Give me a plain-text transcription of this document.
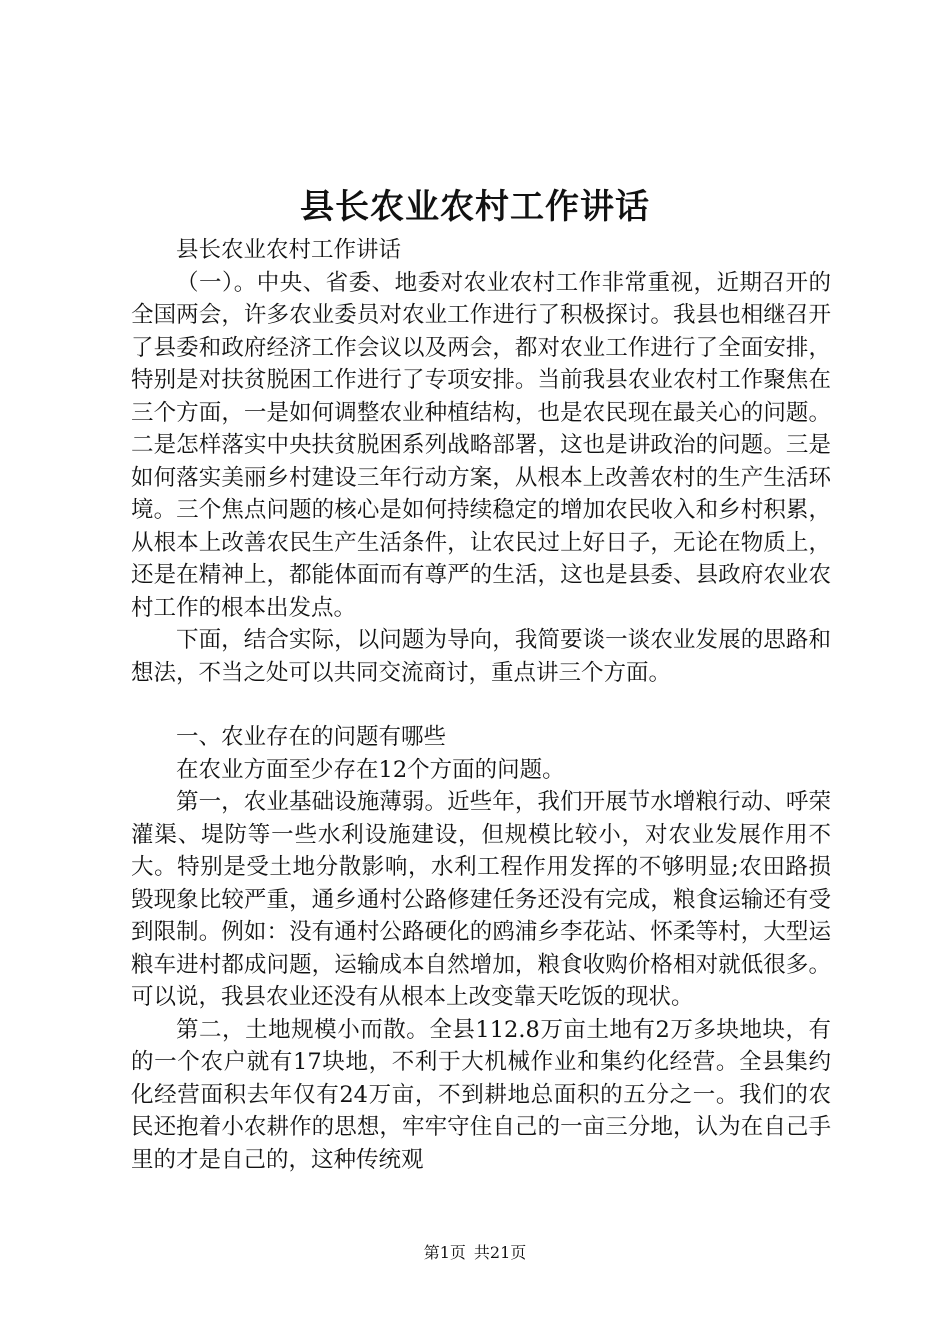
县长农业农村工作讲话

县长农业农村工作讲话

（一）。中央、省委、地委对农业农村工作非常重视，近期召开的全国两会，许多农业委员对农业工作进行了积极探讨。我县也相继召开了县委和政府经济工作会议以及两会，都对农业工作进行了全面安排，特别是对扶贫脱困工作进行了专项安排。当前我县农业农村工作聚焦在三个方面，一是如何调整农业种植结构，也是农民现在最关心的问题。二是怎样落实中央扶贫脱困系列战略部署，这也是讲政治的问题。三是如何落实美丽乡村建设三年行动方案，从根本上改善农村的生产生活环境。三个焦点问题的核心是如何持续稳定的增加农民收入和乡村积累，从根本上改善农民生产生活条件，让农民过上好日子，无论在物质上，还是在精神上，都能体面而有尊严的生活，这也是县委、县政府农业农村工作的根本出发点。

下面，结合实际，以问题为导向，我简要谈一谈农业发展的思路和想法，不当之处可以共同交流商讨，重点讲三个方面。

一、农业存在的问题有哪些

在农业方面至少存在12个方面的问题。

第一，农业基础设施薄弱。近些年，我们开展节水增粮行动、呼荣灌渠、堤防等一些水利设施建设，但规模比较小，对农业发展作用不大。特别是受土地分散影响，水利工程作用发挥的不够明显;农田路损毁现象比较严重，通乡通村公路修建任务还没有完成，粮食运输还有受到限制。例如：没有通村公路硬化的鸥浦乡李花站、怀柔等村，大型运粮车进村都成问题，运输成本自然增加，粮食收购价格相对就低很多。可以说，我县农业还没有从根本上改变靠天吃饭的现状。

第二，土地规模小而散。全县112.8万亩土地有2万多块地块，有的一个农户就有17块地，不利于大机械作业和集约化经营。全县集约化经营面积去年仅有24万亩，不到耕地总面积的五分之一。我们的农民还抱着小农耕作的思想，牢牢守住自己的一亩三分地，认为在自己手里的才是自己的，这种传统观

第1页 共21页
